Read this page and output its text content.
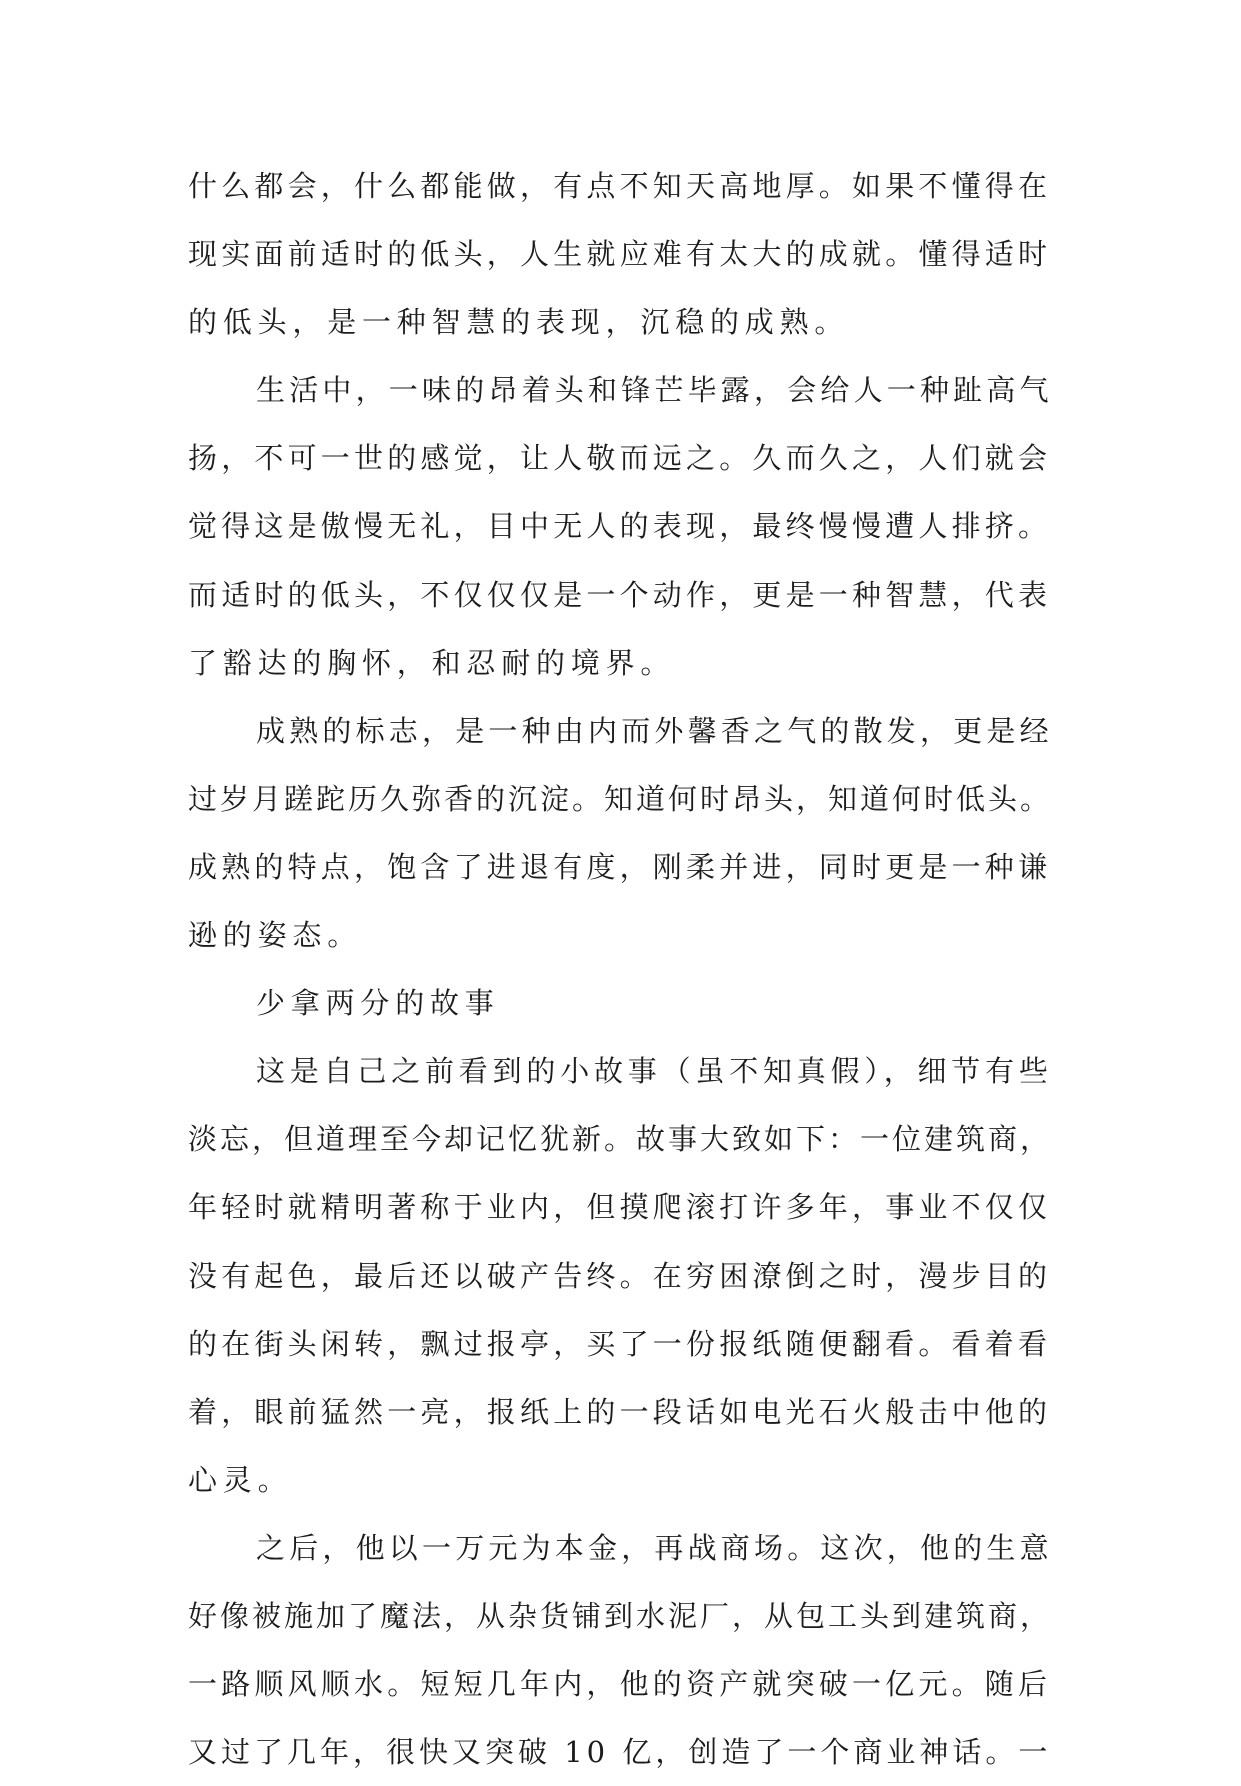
什么都会，什么都能做，有点不知天高地厚。如果不懂得在
现实面前适时的低头，人生就应难有太大的成就。懂得适时
的低头，是一种智慧的表现，沉稳的成熟。
生活中，一味的昂着头和锋芒毕露，会给人一种趾高气
扬，不可一世的感觉，让人敬而远之。久而久之，人们就会
觉得这是傲慢无礼，目中无人的表现，最终慢慢遭人排挤。
而适时的低头，不仅仅仅是一个动作，更是一种智慧，代表
了豁达的胸怀，和忍耐的境界。
成熟的标志，是一种由内而外馨香之气的散发，更是经
过岁月蹉跎历久弥香的沉淀。知道何时昂头，知道何时低头。
成熟的特点，饱含了进退有度，刚柔并进，同时更是一种谦
逊的姿态。
少拿两分的故事
这是自己之前看到的小故事（虽不知真假），细节有些
淡忘，但道理至今却记忆犹新。故事大致如下：一位建筑商，
年轻时就精明著称于业内，但摸爬滚打许多年，事业不仅仅
没有起色，最后还以破产告终。在穷困潦倒之时，漫步目的
的在街头闲转，飘过报亭，买了一份报纸随便翻看。看着看
着，眼前猛然一亮，报纸上的一段话如电光石火般击中他的
心灵。
之后，他以一万元为本金，再战商场。这次，他的生意
好像被施加了魔法，从杂货铺到水泥厂，从包工头到建筑商，
一路顺风顺水。短短几年内，他的资产就突破一亿元。随后
又过了几年，很快又突破 10 亿，创造了一个商业神话。一
